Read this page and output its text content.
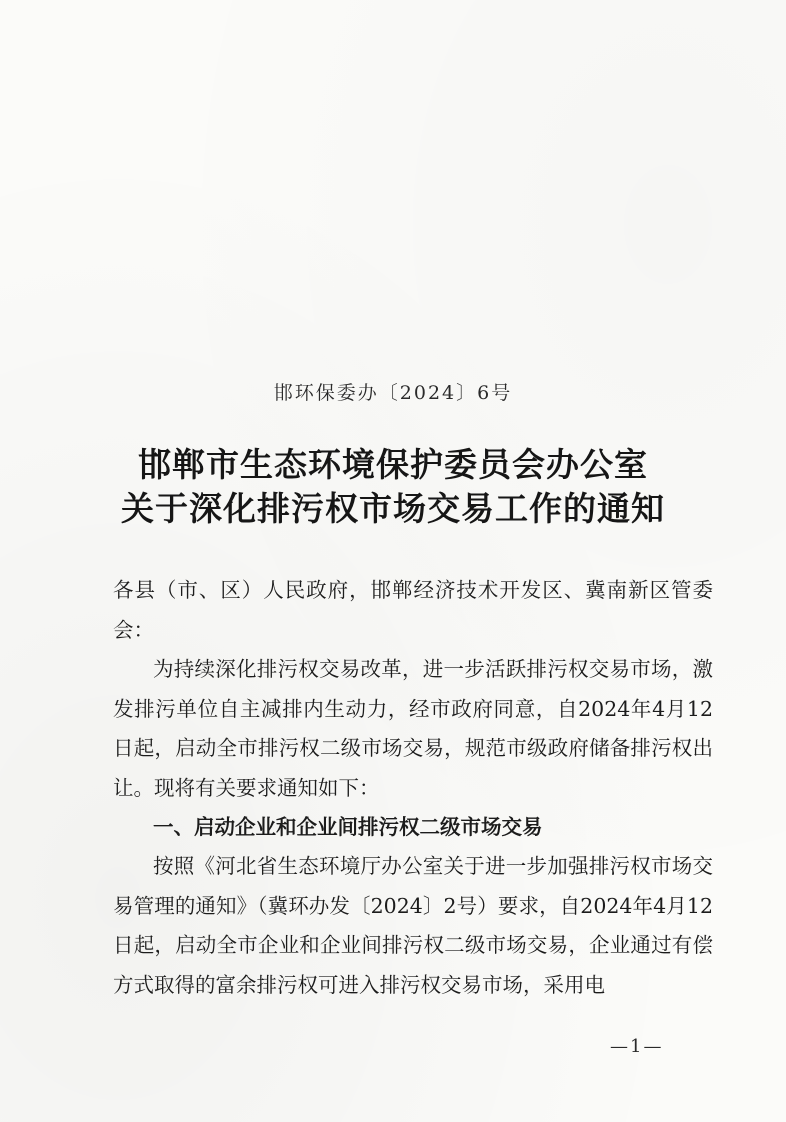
邯环保委办〔2024〕6号
邯郸市生态环境保护委员会办公室
关于深化排污权市场交易工作的通知

各县（市、区）人民政府，邯郸经济技术开发区、冀南新区管委会：

为持续深化排污权交易改革，进一步活跃排污权交易市场，激发排污单位自主减排内生动力，经市政府同意，自2024年4月12日起，启动全市排污权二级市场交易，规范市级政府储备排污权出让。现将有关要求通知如下：

一、启动企业和企业间排污权二级市场交易

按照《河北省生态环境厅办公室关于进一步加强排污权市场交易管理的通知》（冀环办发〔2024〕2号）要求，自2024年4月12日起，启动全市企业和企业间排污权二级市场交易，企业通过有偿方式取得的富余排污权可进入排污权交易市场，采用电

—1—
